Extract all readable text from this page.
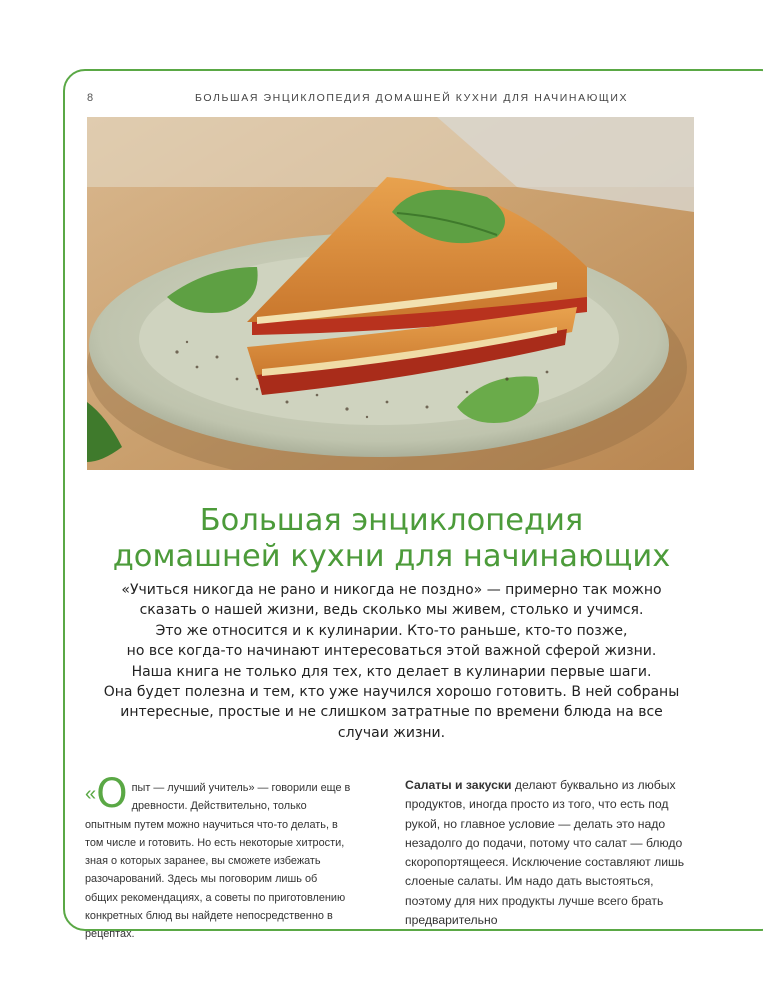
8	БОЛЬШАЯ ЭНЦИКЛОПЕДИЯ ДОМАШНЕЙ КУХНИ ДЛЯ НАЧИНАЮЩИХ
Большая энциклопедия
домашней кухни для начинающих
«Учиться никогда не рано и никогда не поздно» — примерно так можно
сказать о нашей жизни, ведь сколько мы живем, столько и учимся.
Это же относится и к кулинарии. Кто-то раньше, кто-то позже,
но все когда-то начинают интересоваться этой важной сферой жизни.
Наша книга не только для тех, кто делает в кулинарии первые шаги.
Она будет полезна и тем, кто уже научился хорошо готовить. В ней собраны
интересные, простые и не слишком затратные по времени блюда на все
случаи жизни.
« О пыт — лучший учитель» — говорили еще в древности. Действительно, только опытным путем можно научиться что-то делать, в том числе и готовить. Но есть некоторые хитрости, зная о которых заранее, вы сможете избежать разочарований. Здесь мы поговорим лишь об общих рекомендациях, а советы по приготовлению конкретных блюд вы найдете непосредственно в рецептах.

Салаты и закуски делают буквально из любых продуктов, иногда просто из того, что есть под рукой, но главное условие — делать это надо незадолго до подачи, потому что салат — блюдо скоропортящееся. Исключение составляют лишь слоеные салаты. Им надо дать выстояться, поэтому для них продукты лучше всего брать предварительно
